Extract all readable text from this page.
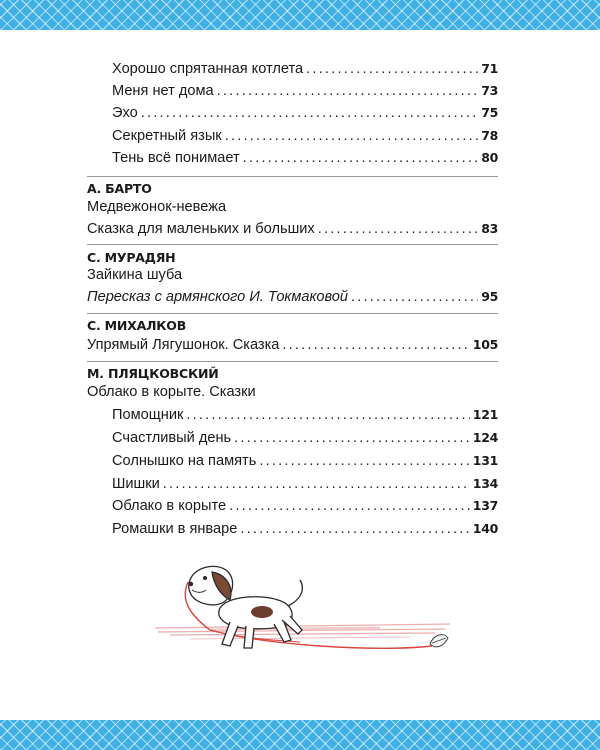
Хорошо спрятанная котлета .....	71
Меня нет дома .....	73
Эхо .....	75
Секретный язык .....	78
Тень всё понимает .....	80
А. БАРТО
Медвежонок-невежа
Сказка для маленьких и больших .....	83
С. МУРАДЯН
Зайкина шуба
Пересказ с армянского И. Токмаковой .....	95
С. МИХАЛКОВ
Упрямый Лягушонок. Сказка .....	105
М. ПЛЯЦКОВСКИЙ
Облако в корыте. Сказки
Помощник .....	121
Счастливый день .....	124
Солнышко на память .....	131
Шишки .....	134
Облако в корыте .....	137
Ромашки в январе .....	140
